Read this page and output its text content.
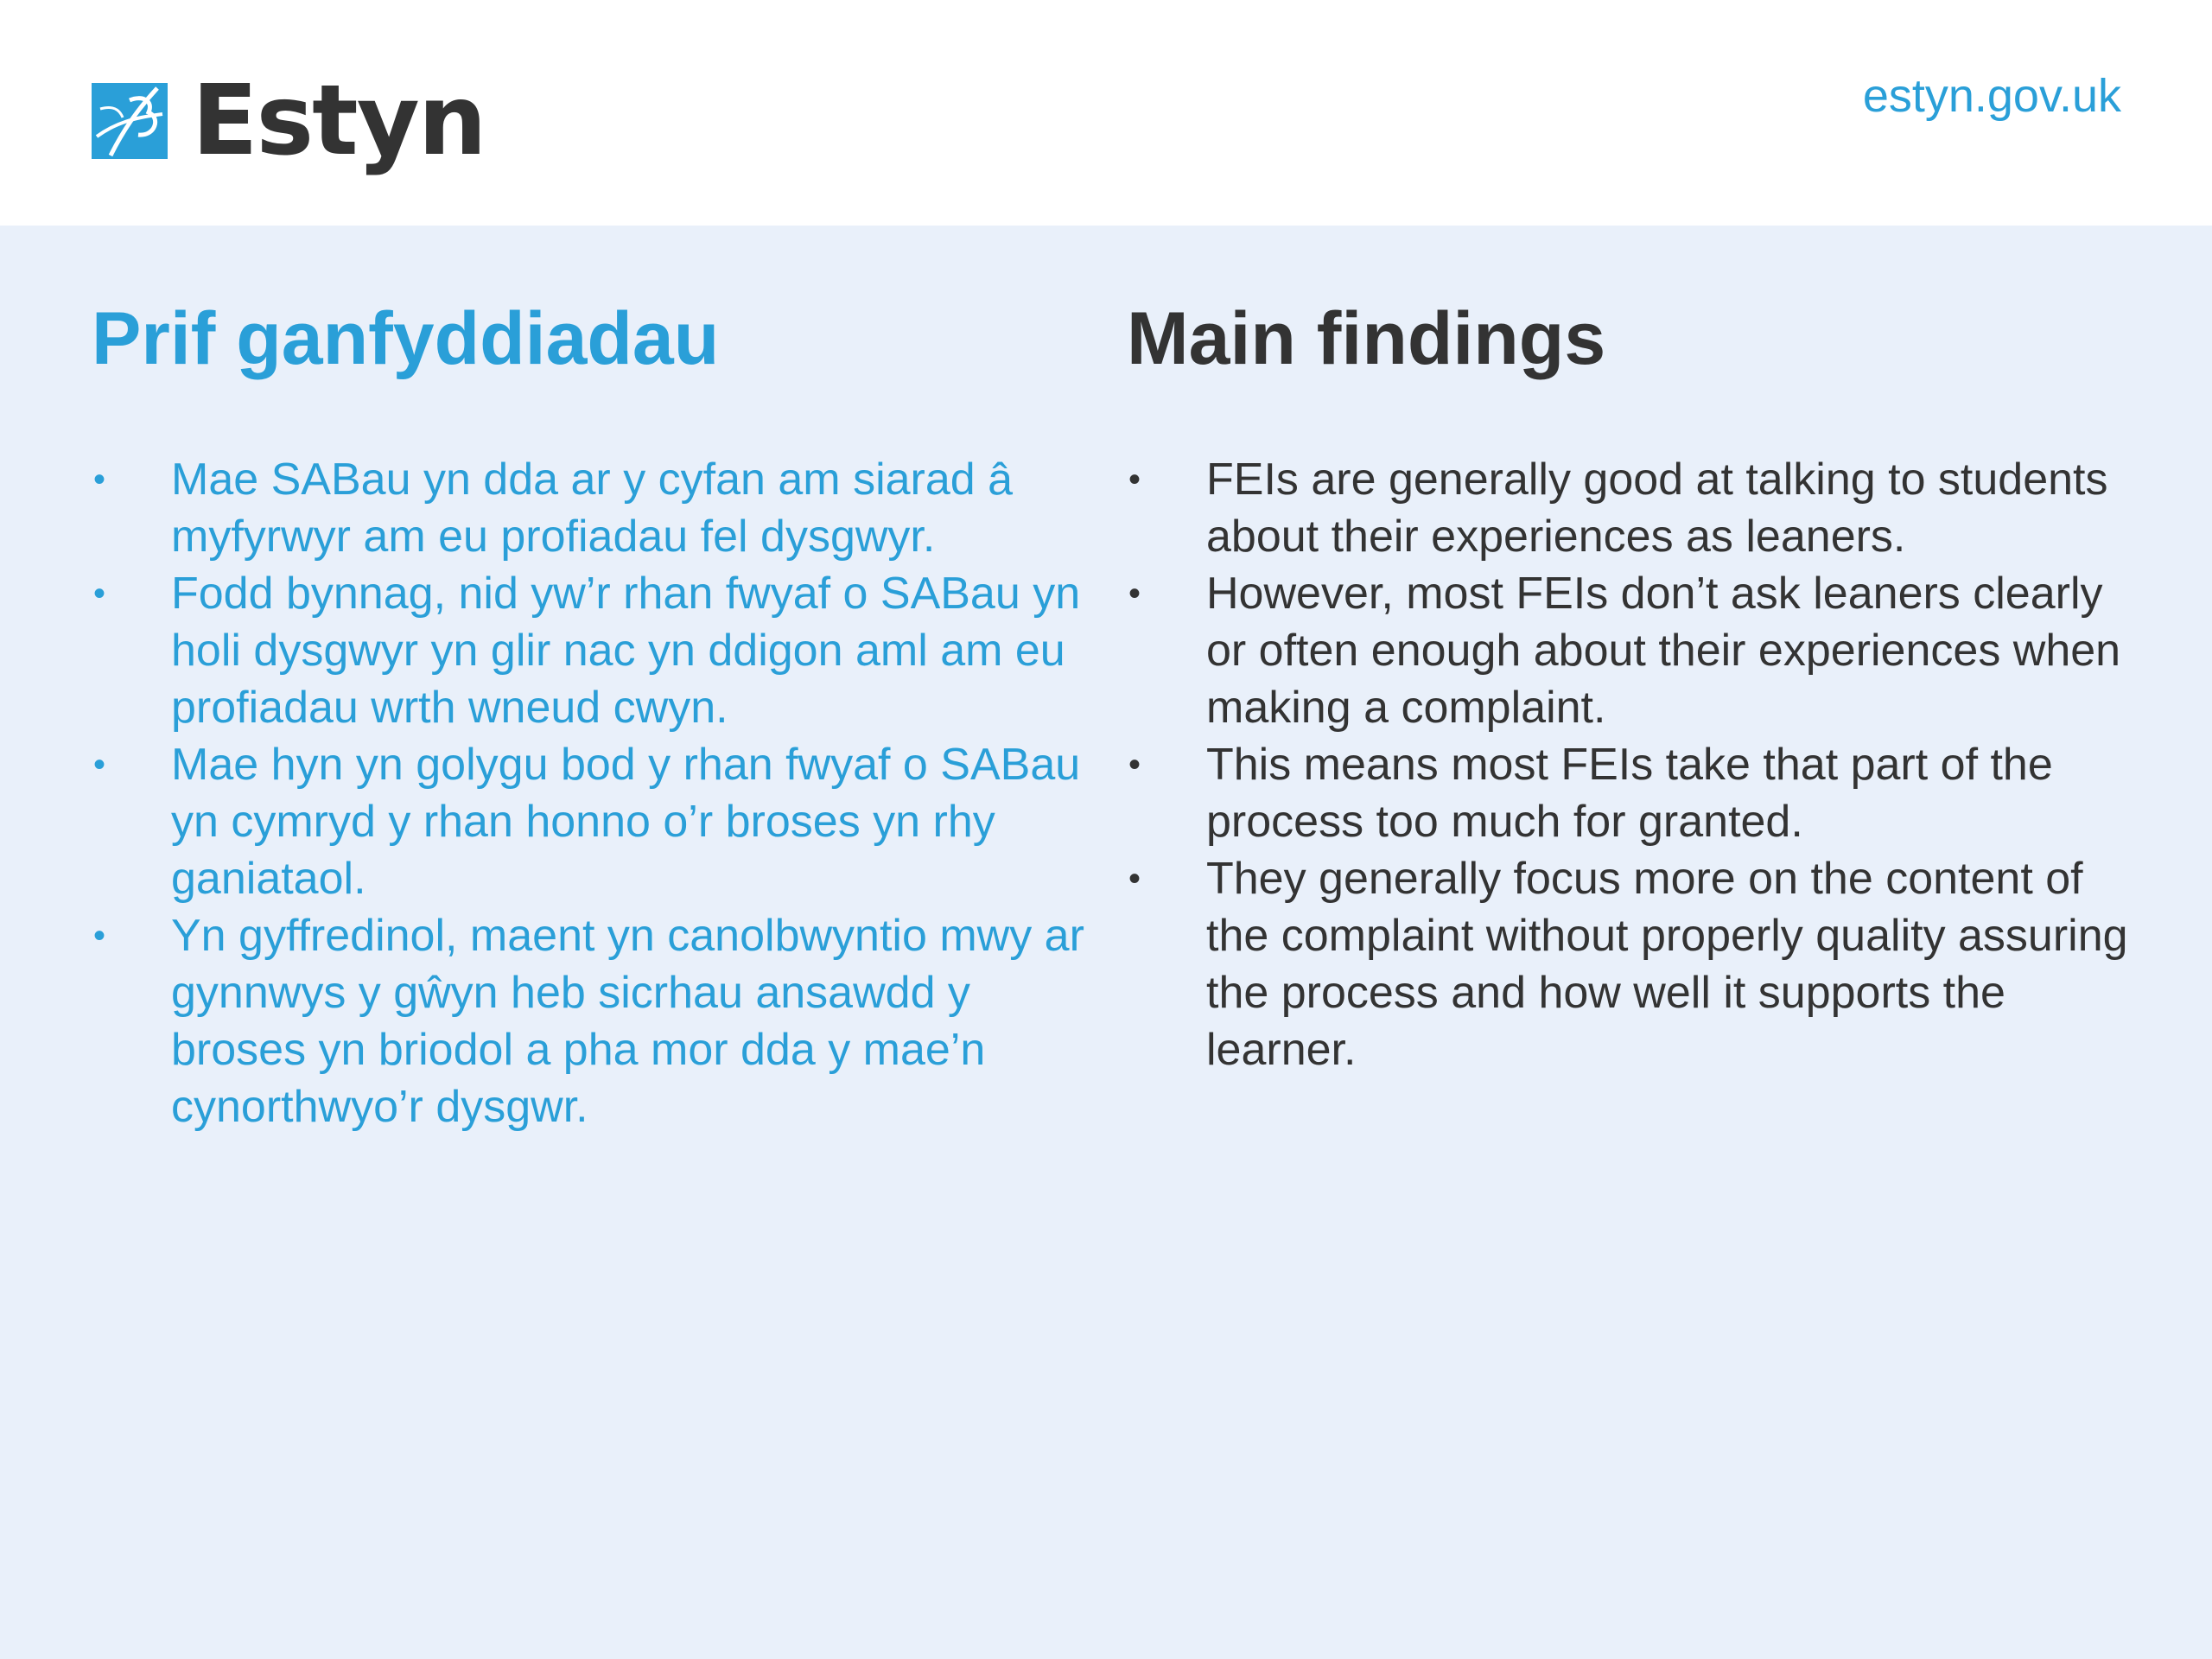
Estyn	estyn.gov.uk
Prif ganfyddiadau
• Mae SABau yn dda ar y cyfan am siarad â myfyrwyr am eu profiadau fel dysgwyr.
• Fodd bynnag, nid yw’r rhan fwyaf o SABau yn holi dysgwyr yn glir nac yn ddigon aml am eu profiadau wrth wneud cwyn.
• Mae hyn yn golygu bod y rhan fwyaf o SABau yn cymryd y rhan honno o’r broses yn rhy ganiataol.
• Yn gyffredinol, maent yn canolbwyntio mwy ar gynnwys y gŵyn heb sicrhau ansawdd y broses yn briodol a pha mor dda y mae’n cynorthwyo’r dysgwr.
Main findings
• FEIs are generally good at talking to students about their experiences as leaners.
• However, most FEIs don’t ask leaners clearly or often enough about their experiences when making a complaint.
• This means most FEIs take that part of the process too much for granted.
• They generally focus more on the content of the complaint without properly quality assuring the process and how well it supports the learner.
